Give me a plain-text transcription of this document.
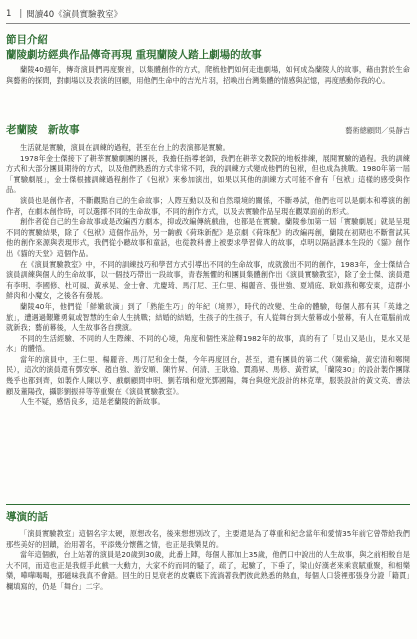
1 | 閱讀40 《演員實驗教室》
節目介紹
蘭陵劇坊經典作品傳奇再現 重現蘭陵人踏上劇場的故事

蘭陵40週年，傳奇演員們再度聚首，以集體創作的方式，爬梳他們如何走進劇場，如何成為蘭陵人的故事，藉由對於生命與藝術的探問，對劇場以及表演的回顧，用他們生命中的吉光片羽，招喚出台灣集體的情感與記憶，再度感動你我的心。

老蘭陵　新故事	藝術總顧問／吳靜吉

生活就是實驗，演員在訓練的過程，甚至在台上的表演都是實驗。

1978年金士傑接下了耕莘實驗劇團的團長，我擔任指導老師，我們在耕莘文教院的地板排練，展開實驗的過程。我的訓練方式和大部分團員期待的方式，以及他們熟悉的方式非常不同，我的訓練方式變成他們的包袱，但也成為挑戰。1980年第一屆「實驗劇展」，金士傑根據訓練過程創作了《包袱》來參加演出，如果以其他的訓練方式可能不會有「包袱」這樣的感受與作品。

演員也是創作者，不斷觀點自己的生命故事；人際互動以及和自然環境的關係，不斷尋試，他們也可以是劇本和導演的創作者，在劇本創作時，可以選擇不同的生命故事，不同的創作方式，以及去實驗作品呈現在觀眾面前的形式。

創作者從自己的生命故事或是改編西方劇本，抑或改編傳統戲曲，也都是在實驗。蘭陵參加第一屆「實驗劇展」就是呈現不同的實驗結果，除了《包袱》這個作品外，另一齣戲《荷珠新配》是京劇《荷珠配》的改編再創，蘭陵在初期也不斷嘗試其他的創作來源與表現形式，我們從小聽故事和童話，也從教科書上被要求學習偉人的故事，卓明以隔話課本生段的《貓》創作出《貓的天堂》這個作品。

在《演員實驗教室》中，不同的訓練技巧和學習方式引導出不同的生命故事，成就激出不同的創作，1983年，金士傑結合演員訓練與個人的生命故事，以一個技巧帶出一段故事，青春無懼的和團員集體創作出《演員實驗教室》，除了金士傑、演員還有李明、李國修、杜可風、黃承晃、金士會、尤慶琦、馬汀尼、王仁里、楊麗音、張世強、夏靖庭、耿如燕和鄭安東，這群小鮮肉和小魔女，之後各有發展。

蘭陵40年，他們從「鮮嫩欲滴」到了「熟能生巧」的年紀（境界），時代的改變、生命的體驗，每個人都有其「英雄之旅」，遭遇過艱難勇氣或智慧的生命人生挑戰；結婚的結婚，生孩子的生孩子，有人從舞台到大螢幕或小螢幕，有人在電腦前成就新我；藝前幕後，人生故事各自撲演。

不同的生活經驗、不同的人生際練、不同的心境，角度和個性來詮釋1982年的故事，真的有了「見山又是山，見水又是水」的體悟。

當年的演員中，王仁里、楊麗音、馬汀尼和金士傑，今年再度回台，甚至，還有團員的第二代（陳紫綸，黃宏清和鄭開民），這次的演員還有鄧安寧、趙自強、游安順、陳竹昇、何清、王耿瑜、賈鴻昇、馬修、黃哲斌，「蘭陵30」的設計製作團隊幾乎也都到齊，如製作人陳以亨、戲劇顧問申明、劉若瑀和燈光鄧國陽，舞台與燈光設計的林克華，服裝設計的黃文英、書法顧及董陽孜，攝影劉振祥等等重聚在《演員實驗教室》。

人生不疑，感悟良多，這是老蘭陵的新故事。

導演的話

「演員實驗教室」這個名字太硬，原想改名，後來想想別改了，主要還是為了尊重和紀念當年和愛情35年前它曾帶給我們那些美好的回饋，治用著名，平添幾分懷舊之情，也正是我樂見的。

當年這個戲，台上站著的演員是20歲到30歲，此番上陣，每個人都加上35歲，他們口中說出的人生故事，與之前相較自是大不同，而這也正是我經手此戲一大動力，大家不約而同的騷了，疏了，起驗了，下垂了，梁山好漢老來乘袁賦重聚，和相樂樂，嘩嘩喝喝，那磁味我真不會錯。回生的日見衰老的皮囊底下流淌著我們彼此熟悉的熱血，每個人口袋裡那張身分證「籍貫」欄填寫的，仍是「舞台」二字。
